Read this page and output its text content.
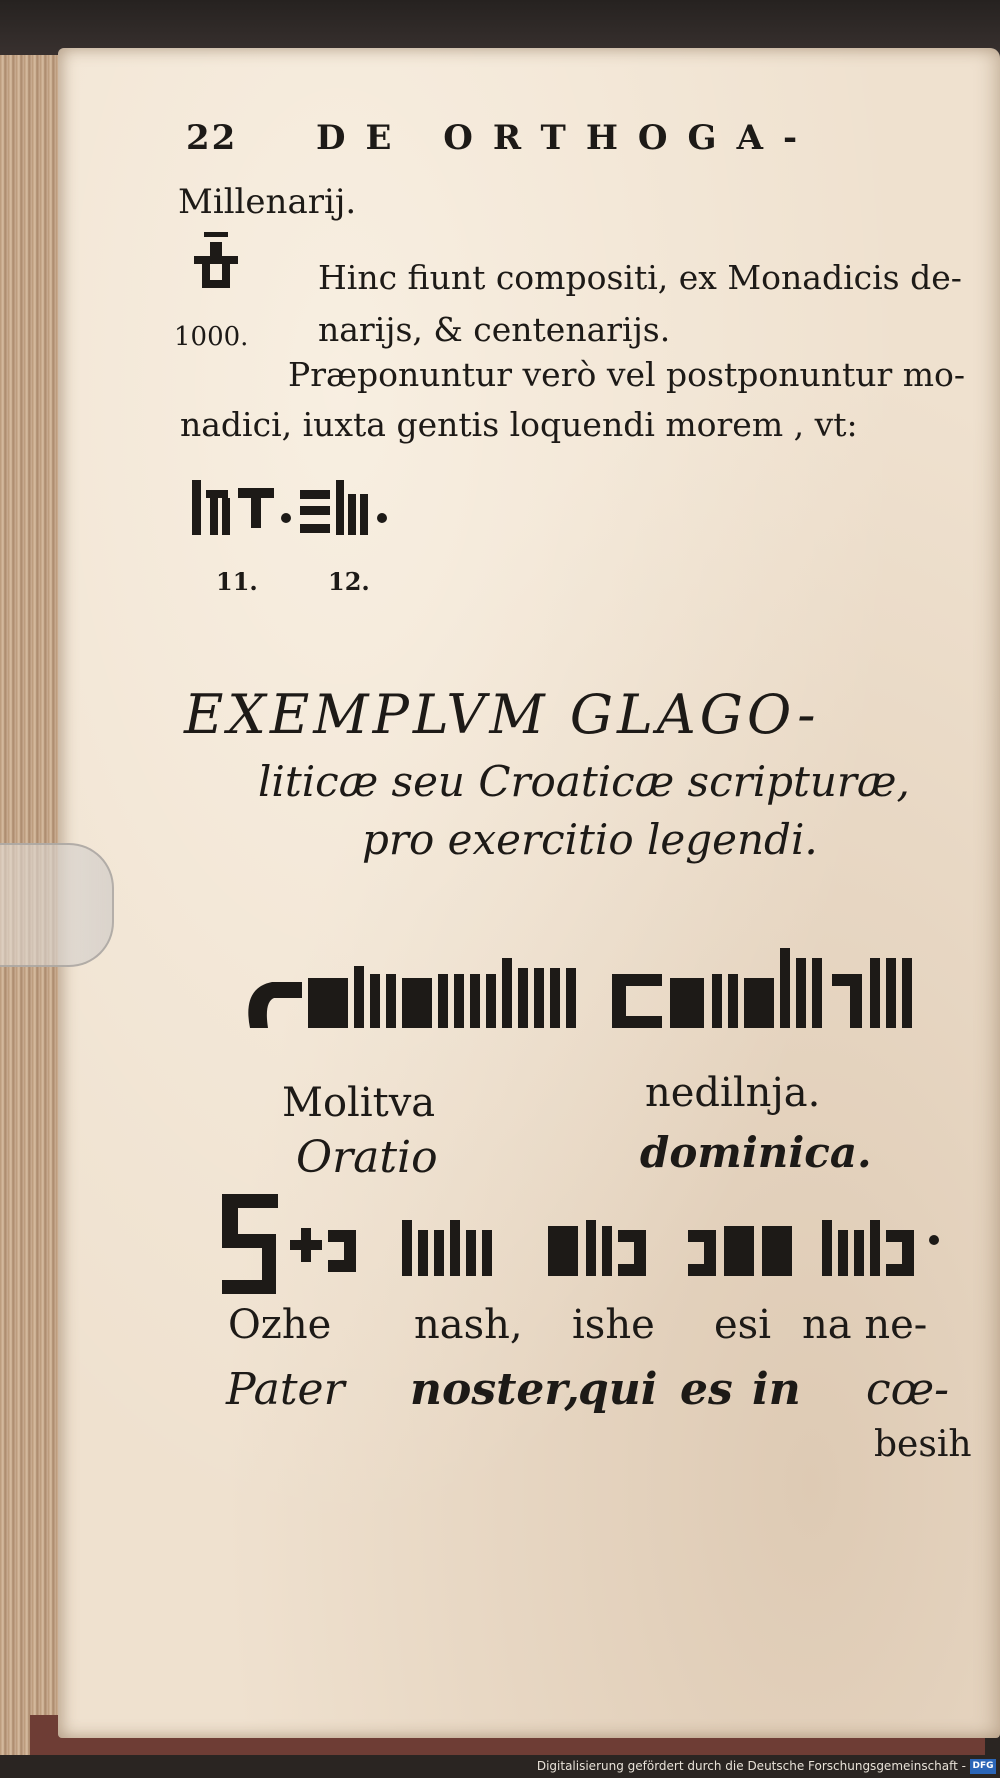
22 DE ORTHOGA-
Millenarij.
1000.
Hinc fiunt compositi, ex Monadicis de-
narijs, & centenarijs.
Præponuntur verò vel postponuntur mo-
nadici, iuxta gentis loquendi morem , vt:
11.	12.
EXEMPLVM GLAGO-
liticæ seu Croaticæ scripturæ,
pro exercitio legendi.
Molitva	nedilnja.
Oratio	dominica.
Ozhe nash, ishe esi na ne-
Pater noster,
qui es in cœ-
besih
Digitalisierung gefördert durch die Deutsche Forschungsgemeinschaft - DFG
